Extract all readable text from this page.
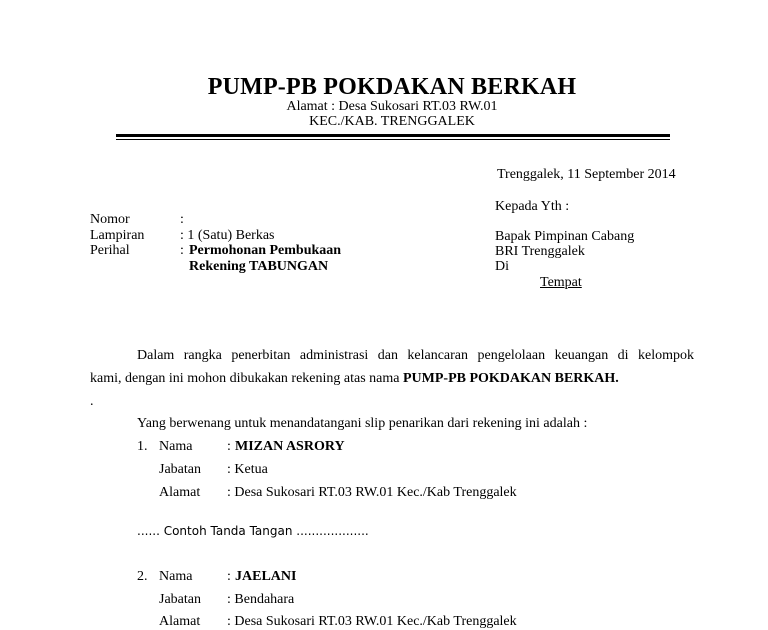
PUMP-PB POKDAKAN BERKAH
Alamat : Desa Sukosari RT.03 RW.01
KEC./KAB. TRENGGALEK
Trenggalek, 11 September 2014
Nomor	:
Lampiran	: 1 (Satu) Berkas
Perihal	: Permohonan Pembukaan
Rekening TABUNGAN
Kepada Yth :
Bapak Pimpinan Cabang
BRI Trenggalek
Di
Tempat
Dalam rangka penerbitan administrasi dan kelancaran pengelolaan keuangan di kelompok
kami, dengan ini mohon dibukakan rekening atas nama PUMP-PB POKDAKAN BERKAH.
.
Yang berwenang untuk menandatangani slip penarikan dari rekening ini adalah :
1. Nama : MIZAN ASRORY
Jabatan : Ketua
Alamat : Desa Sukosari RT.03 RW.01 Kec./Kab Trenggalek
...... Contoh Tanda Tangan ...................
2. Nama : JAELANI
Jabatan : Bendahara
Alamat : Desa Sukosari RT.03 RW.01 Kec./Kab Trenggalek
